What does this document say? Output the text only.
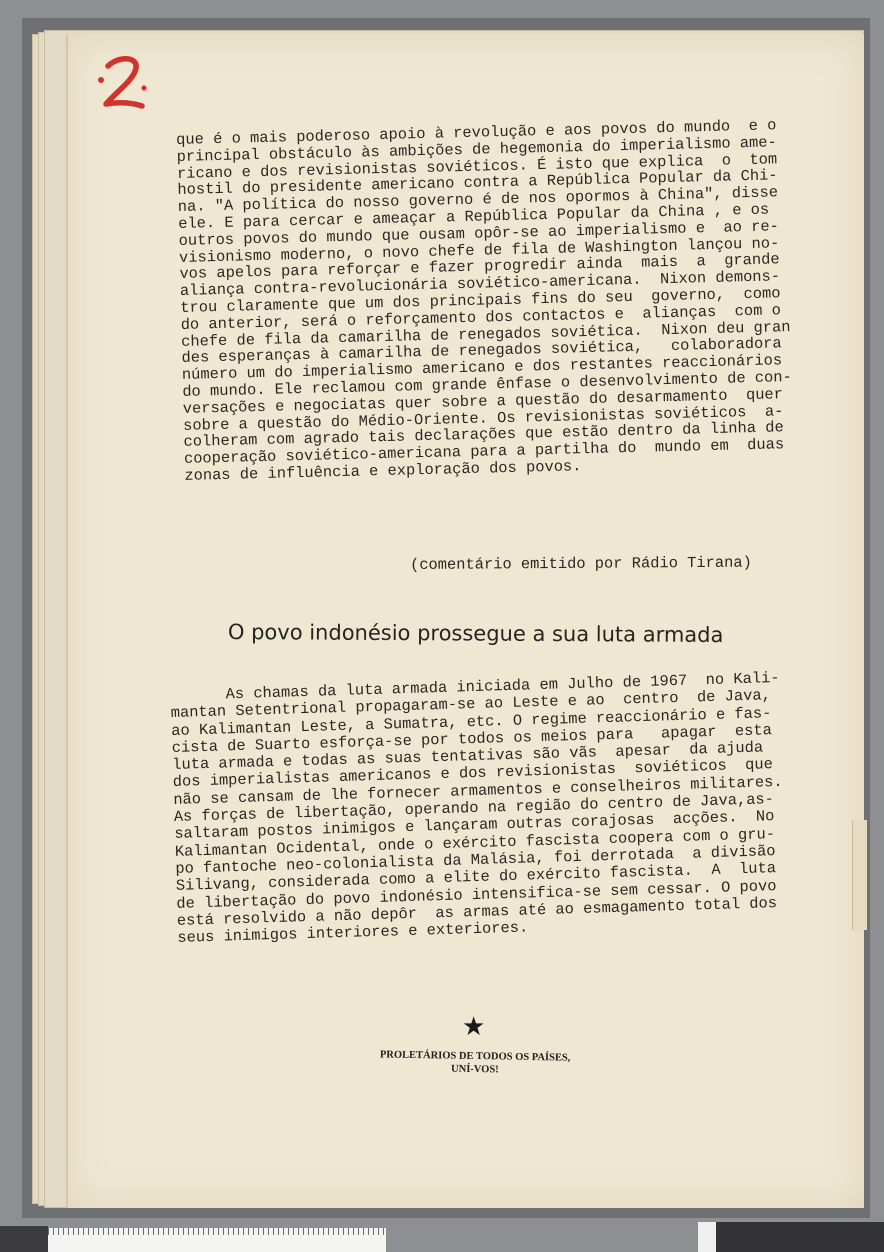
que é o mais poderoso apoio à revolução e aos povos do mundo  e o
principal obstáculo às ambições de hegemonia do imperialismo ame-
ricano e dos revisionistas soviéticos. É isto que explica  o  tom
hostil do presidente americano contra a República Popular da Chi-
na. "A política do nosso governo é de nos opormos à China", disse
ele. E para cercar e ameaçar a República Popular da China , e os
outros povos do mundo que ousam opôr-se ao imperialismo e  ao re-
visionismo moderno, o novo chefe de fila de Washington lançou no-
vos apelos para reforçar e fazer progredir ainda  mais  a  grande
aliança contra-revolucionária soviético-americana.  Nixon demons-
trou claramente que um dos principais fins do seu  governo,  como
do anterior, será o reforçamento dos contactos e  alianças  com o
chefe de fila da camarilha de renegados soviética.  Nixon deu gran
des esperanças à camarilha de renegados soviética,   colaboradora
número um do imperialismo americano e dos restantes reaccionários
do mundo. Ele reclamou com grande ênfase o desenvolvimento de con-
versações e negociatas quer sobre a questão do desarmamento  quer
sobre a questão do Médio-Oriente. Os revisionistas soviéticos  a-
colheram com agrado tais declarações que estão dentro da linha de
cooperação soviético-americana para a partilha do  mundo em  duas
zonas de influência e exploração dos povos.
(comentário emitido por Rádio Tirana)
O povo indonésio prossegue a sua luta armada
As chamas da luta armada iniciada em Julho de 1967  no Kali-
mantan Setentrional propagaram-se ao Leste e ao  centro  de Java,
ao Kalimantan Leste, a Sumatra, etc. O regime reaccionário e fas-
cista de Suarto esforça-se por todos os meios para   apagar  esta
luta armada e todas as suas tentativas são vãs  apesar  da ajuda
dos imperialistas americanos e dos revisionistas  soviéticos  que
não se cansam de lhe fornecer armamentos e conselheiros militares.
As forças de libertação, operando na região do centro de Java,as-
saltaram postos inimigos e lançaram outras corajosas  acções.  No
Kalimantan Ocidental, onde o exército fascista coopera com o gru-
po fantoche neo-colonialista da Malásia, foi derrotada  a divisão
Silivang, considerada como a elite do exército fascista.  A  luta
de libertação do povo indonésio intensifica-se sem cessar. O povo
está resolvido a não depôr  as armas até ao esmagamento total dos
seus inimigos interiores e exteriores.
★
PROLETÁRIOS DE TODOS OS PAÍSES,
UNÍ-VOS!
